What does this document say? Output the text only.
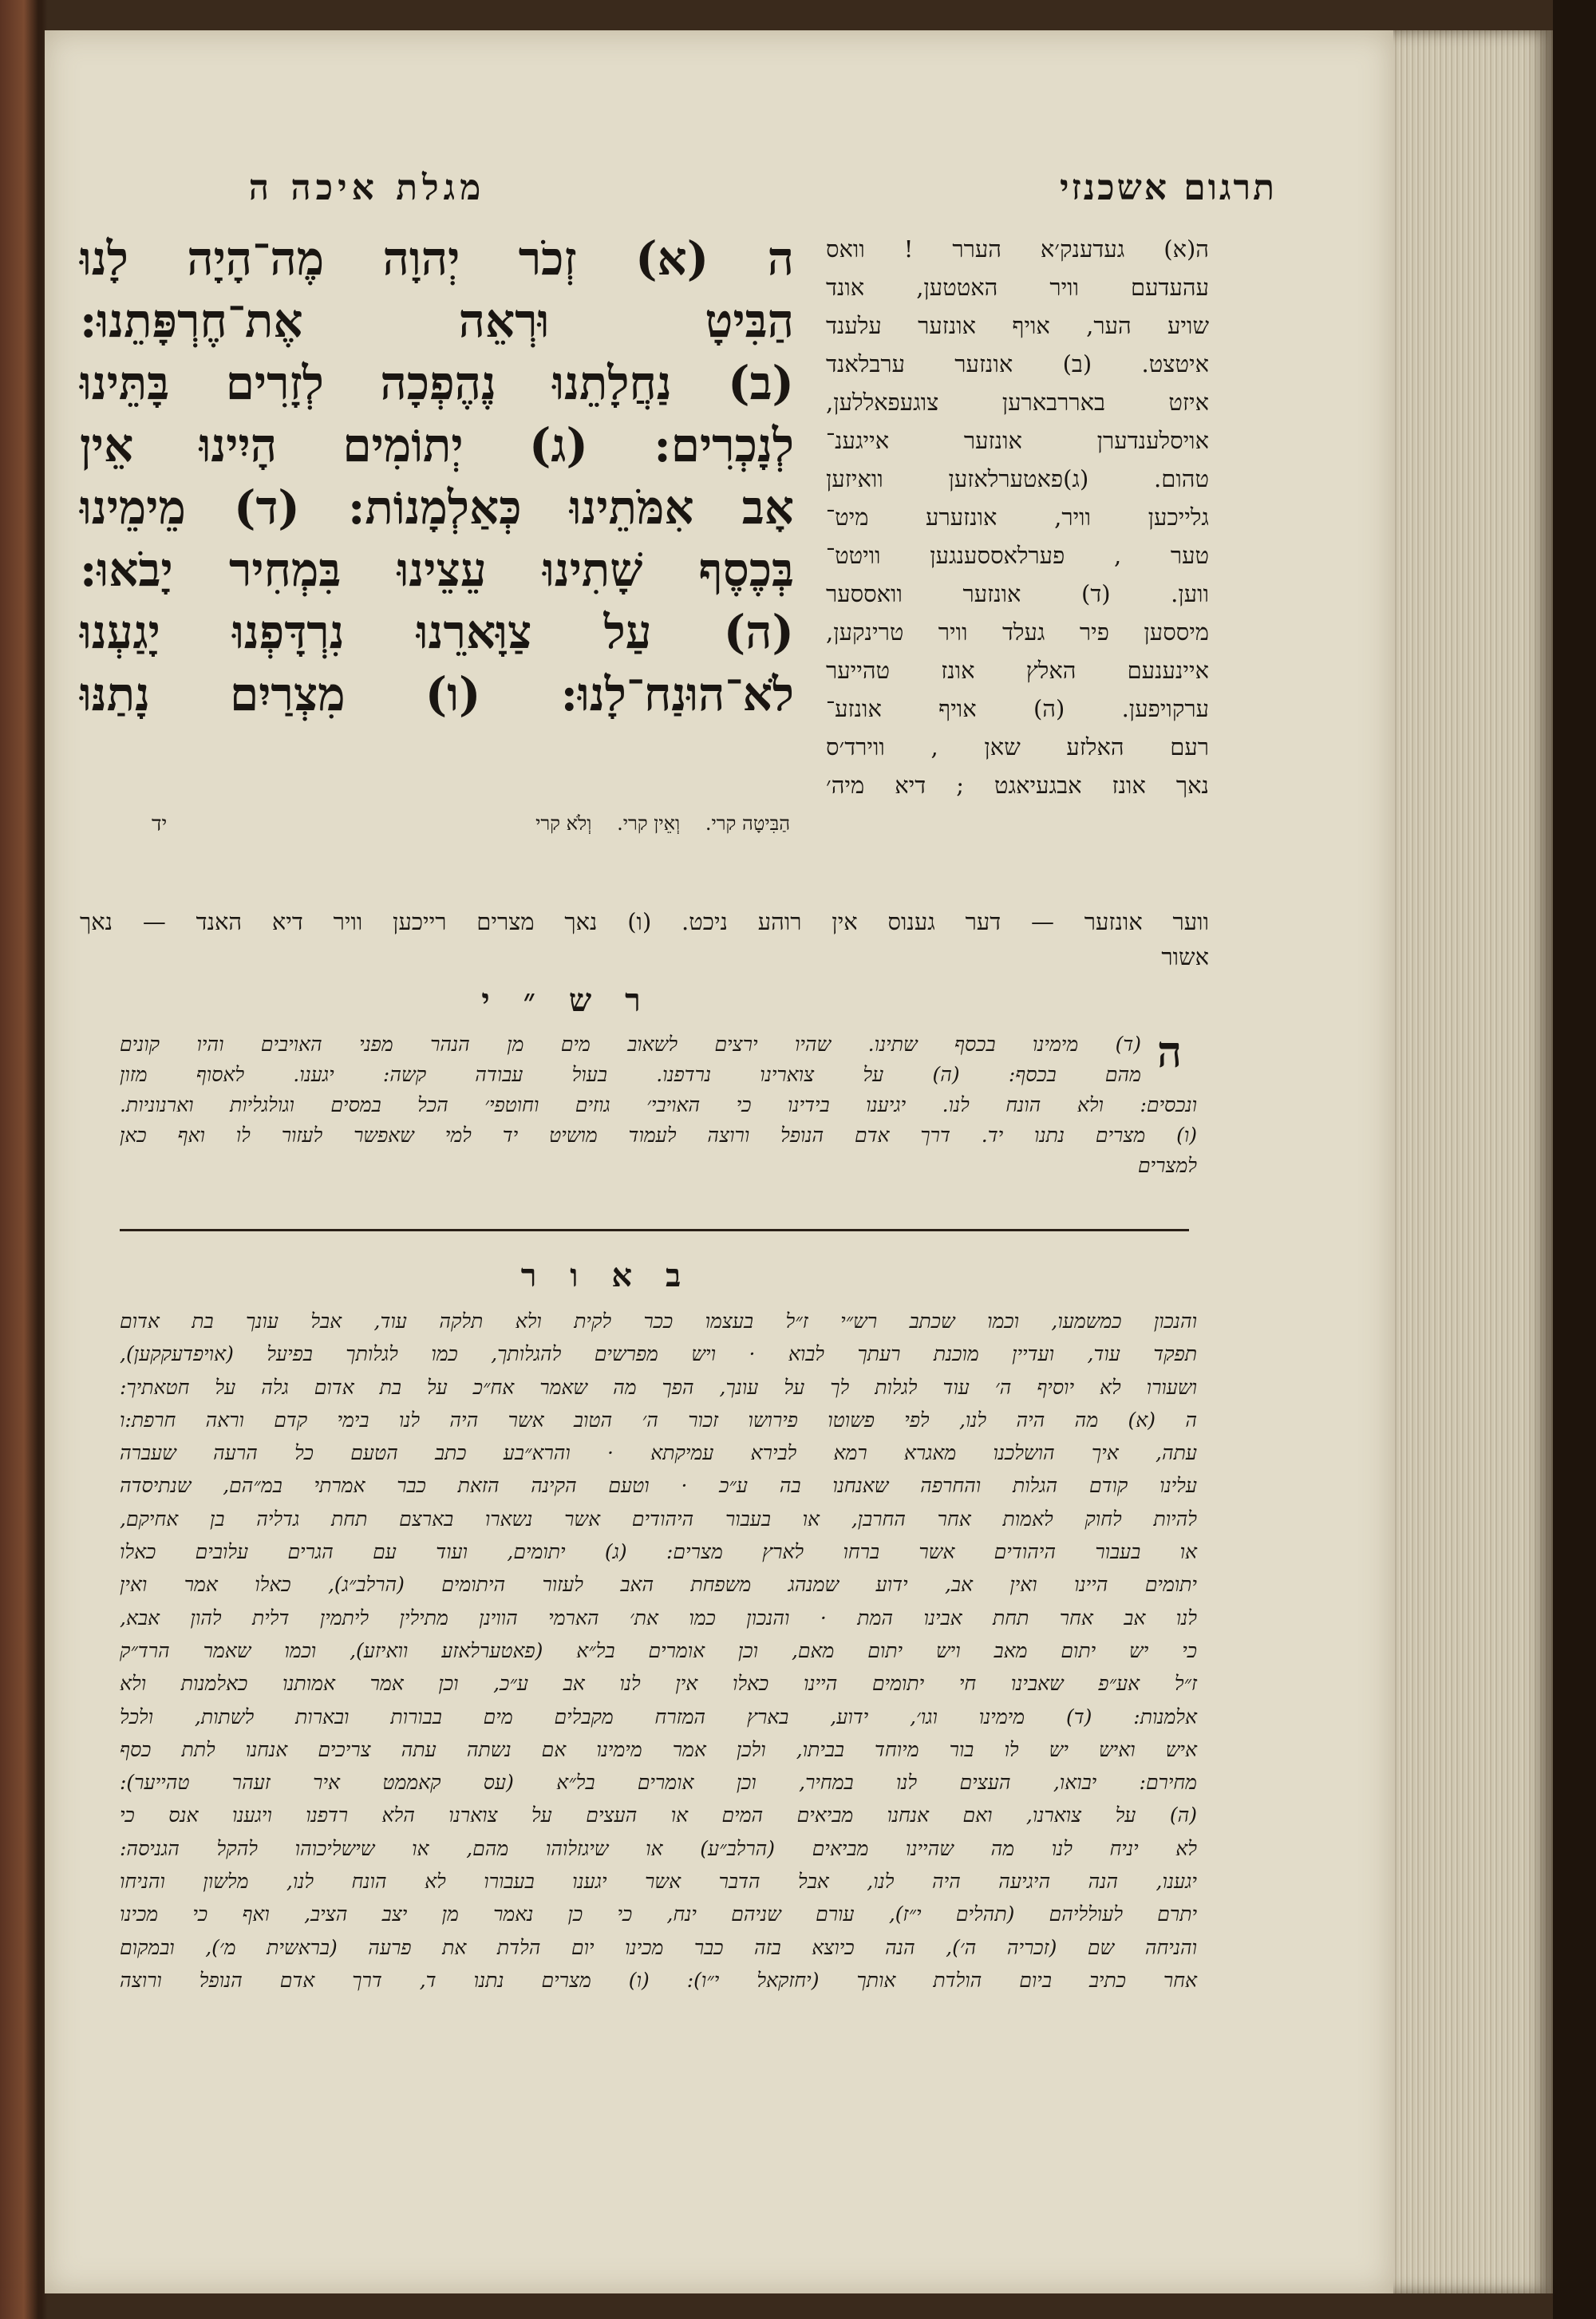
תרגום אשכנזי
מגלת איכה ה
ה (א) זְכֹר יְהוָה מֶה־הָיָה לָנוּ
הַבִּיטָ וּרְאֵה אֶת־חֶרְפָּתֵנוּ:
(ב) נַחֲלָתֵנוּ נֶהֶפְכָה לְזָרִים בָּתֵּינוּ
לְנָכְרִים: (ג) יְתוֹמִים הָיִינוּ אֵין
אָב אִמֹּתֵינוּ כְּאַלְמָנוֹת: (ד) מֵימֵינוּ
בְּכֶסֶף שָׁתִינוּ עֵצֵינוּ בִּמְחִיר יָבֹאוּ:
(ה) עַל צַוָּארֵנוּ נִרְדָּפְנוּ יָגַעְנוּ
לֹא־הוּנַח־לָנוּ: (ו) מִצְרַיִם נָתַנּוּ
הַבִּיטָה קרי. וְאֵין קרי. וְלֹא קרי
יד
ה(א) געדענק׳א הערר ! וואס
עהעדעם וויר האטטען, אונד
שויע הער, אויף אונזער עלענד
איטצט. (ב) אונזער ערבלאנד
איזט באררבארען צוגעפאללען,
אויסלענדערן אונזער אייגענ־
טהום. (ג)פאטערלאזען וואיזען
גלייכען וויר, אונזערע מיט־
טער , פערלאססענגען וויטט־
ווען. (ד) אונזער וואססער
מיססען פיר געלד וויר טרינקען,
איינענעם האלץ אונז טהייער
ערקויפען. (ה) אויף אונזע־
רעם האלזע שאן , ווירד׳ס
נאך אונז אבגעיאגט ; דיא מיה׳
ווער אונזער — דער גענוס אין רוהע ניכט. (ו) נאך מצרים רייכען וויר דיא האנד — נאך
אשור
ר ש ״ י
ה
(ד) מימינו בכסף שתינו. שהיו ירצים לשאוב מים מן הנהר מפני האויבים והיו קונים
מהם בכסף: (ה) על צוארינו נרדפנו. בעול עבודה קשה: יגענו. לאסוף מזון
ונכסים: ולא הונח לנו. יגיענו בידינו כי האויבי׳ גוזים וחוטפי׳ הכל במסים וגולגליות וארנוניות.
(ו) מצרים נתנו יד. דרך אדם הנופל ורוצה לעמוד מושיט יד למי שאפשר לעזור לו ואף כאן
למצרים
ב א ו ר
והנכון כמשמעו, וכמו שכתב רש״י ז״ל בעצמו ככר לקית ולא תלקה עוד, אבל עונך בת אדום
תפקד עוד, ועדיין מוכנת רעתך לבוא · ויש מפרשים להגלותך, כמו לגלותך בפיעל (אויפדעקקען),
ושעורו לא יוסיף ה׳ עוד לגלות לך על עונך, הפך מה שאמר אח״כ על בת אדום גלה על חטאתיך:
ה (א) מה היה לנו, לפי פשוטו פירושו זכור ה׳ הטוב אשר היה לנו בימי קדם וראה חרפת:ו
עתה, איך הושלכנו מאגרא רמא לבירא עמיקתא · והרא״בע כתב הטעם כל הרעה שעברה
עלינו קודם הגלות והחרפה שאנחנו בה ע״כ · וטעם הקינה הזאת כבר אמרתי במ״הם, שנתיסדה
להיות לחוק לאמות אחר החרבן, או בעבור היהודים אשר נשארו בארצם תחת גדליה בן אחיקם,
או בעבור היהודים אשר ברחו לארץ מצרים: (ג) יתומים, ועוד עם הגרים עלובים כאלו
יתומים היינו ואין אב, ידוע שמנהג משפחת האב לעזור היתומים (הרלב״ג), כאלו אמר ואין
לנו אב אחר תחת אבינו המת · והנכון כמו את׳ הארמי הווינן מתילין ליתמין דלית להון אבא,
כי יש יתום מאב ויש יתום מאם, וכן אומרים בל״א (פאטערלאזע וואיזע), וכמו שאמר הרד״ק
ז״ל אע״פ שאבינו חי יתומים היינו כאלו אין לנו אב ע״כ, וכן אמר אמותנו כאלמנות ולא
אלמנות: (ד) מימינו וגו׳, ידוע, בארץ המזרח מקבלים מים בבורות ובארות לשתות, ולכל
איש ואיש יש לו בור מיוחד בביתו, ולכן אמר מימינו אם נשתה עתה צריכים אנחנו לתת כסף
מחירם: יבואו, העצים לנו במחיר, וכן אומרים בל״א (עס קאממט איר זעהר טהייער):
(ה) על צוארנו, ואם אנחנו מביאים המים או העצים על צוארנו הלא רדפנו ויגענו אנס כי
לא יניח לנו מה שהיינו מביאים (הרלב״ע) או שיגזלוהו מהם, או שישליכוהו להקל הגניסה:
יגענו, הנה היגיעה היה לנו, אבל הדבר אשר יגענו בעבורו לא הונח לנו, מלשון והניחו
יתרם לעולליהם (תהלים י״ז), עורם שניהם ינח, כי כן נאמר מן יצב הציב, ואף כי מכינו
והניחה שם (זכריה ה׳), הנה כיוצא בזה כבר מכינו יום הלדת את פרעה (בראשית מ׳), ובמקום
אחר כתיב ביום הולדת אותך (יחזקאל י״ו): (ו) מצרים נתנו ד, דרך אדם הנופל ורוצה
